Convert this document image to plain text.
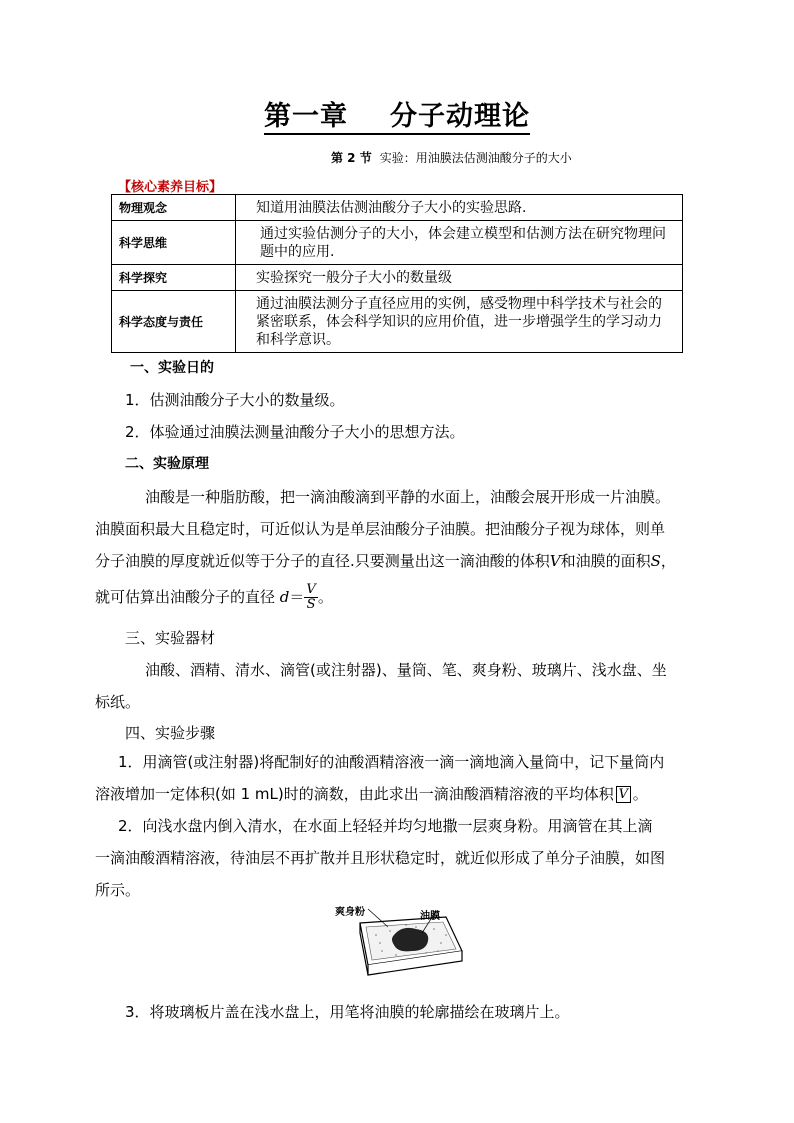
第一章 分子动理论
第 2 节 实验：用油膜法估测油酸分子的大小
【核心素养目标】
物理观念	知道用油膜法估测油酸分子大小的实验思路.
科学思维	通过实验估测分子的大小，体会建立模型和估测方法在研究物理问题中的应用.
科学探究	实验探究一般分子大小的数量级
科学态度与责任	通过油膜法测分子直径应用的实例，感受物理中科学技术与社会的紧密联系，体会科学知识的应用价值，进一步增强学生的学习动力和科学意识。
一、实验日的
1．估测油酸分子大小的数量级。
2．体验通过油膜法测量油酸分子大小的思想方法。
二、实验原理
油酸是一种脂肪酸，把一滴油酸滴到平静的水面上，油酸会展开形成一片油膜。
油膜面积最大且稳定时，可近似认为是单层油酸分子油膜。把油酸分子视为球体，则单
分子油膜的厚度就近似等于分子的直径.只要测量出这一滴油酸的体积V和油膜的面积S，
就可估算出油酸分子的直径 $d= \frac{V}{S}$ 。
三、实验器材
油酸、酒精、清水、滴管(或注射器)、量筒、笔、爽身粉、玻璃片、浅水盘、坐
标纸。
四、实验步骤
1．用滴管(或注射器)将配制好的油酸酒精溶液一滴一滴地滴入量筒中，记下量筒内
溶液增加一定体积(如 1 mL)时的滴数，由此求出一滴油酸酒精溶液的平均体积 V 。
2．向浅水盘内倒入清水，在水面上轻轻并均匀地撒一层爽身粉。用滴管在其上滴
一滴油酸酒精溶液，待油层不再扩散并且形状稳定时，就近似形成了单分子油膜，如图
所示。
爽身粉	油膜
3．将玻璃板片盖在浅水盘上，用笔将油膜的轮廓描绘在玻璃片上。
